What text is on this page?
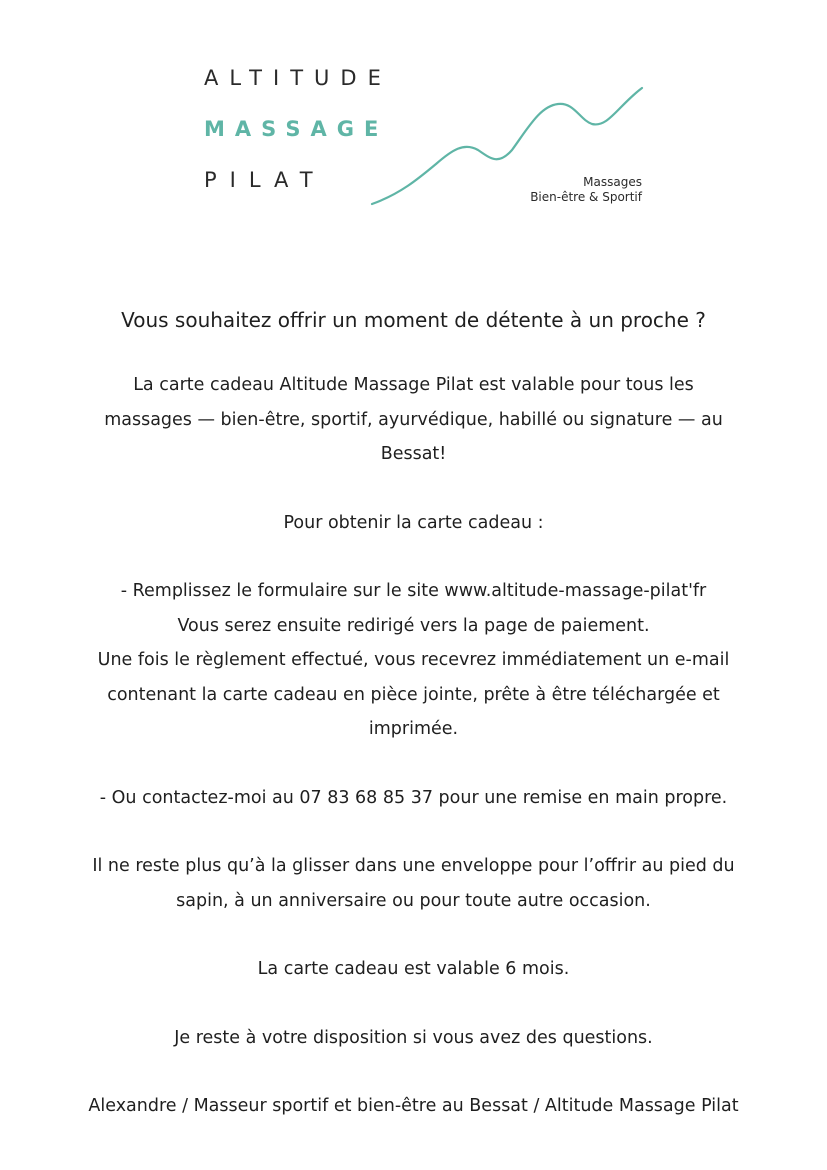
ALTITUDE
MASSAGE
PILAT	Massages
Bien-être & Sportif

Vous souhaitez offrir un moment de détente à un proche ?

La carte cadeau Altitude Massage Pilat est valable pour tous les

massages — bien-être, sportif, ayurvédique, habillé ou signature — au

Bessat!

Pour obtenir la carte cadeau :

- Remplissez le formulaire sur le site www.altitude-massage-pilat'fr

Vous serez ensuite redirigé vers la page de paiement.

Une fois le règlement effectué, vous recevrez immédiatement un e-mail

contenant la carte cadeau en pièce jointe, prête à être téléchargée et

imprimée.

- Ou contactez-moi au 07 83 68 85 37 pour une remise en main propre.

Il ne reste plus qu’à la glisser dans une enveloppe pour l’offrir au pied du

sapin, à un anniversaire ou pour toute autre occasion.

La carte cadeau est valable 6 mois.

Je reste à votre disposition si vous avez des questions.

Alexandre / Masseur sportif et bien-être au Bessat / Altitude Massage Pilat
